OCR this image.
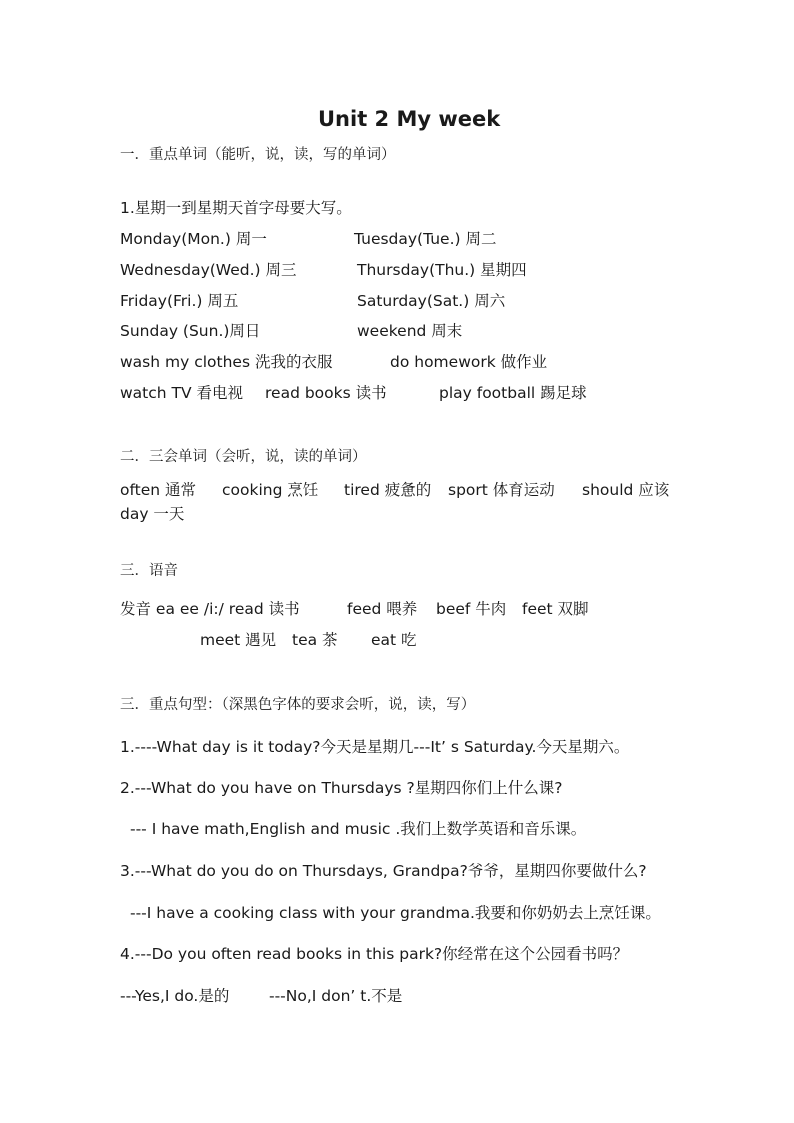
Unit 2 My week
一．重点单词（能听，说，读，写的单词）
1.星期一到星期天首字母要大写。
Monday(Mon.) 周一	Tuesday(Tue.) 周二
Wednesday(Wed.) 周三	Thursday(Thu.) 星期四
Friday(Fri.) 周五	Saturday(Sat.) 周六
Sunday (Sun.)周日	weekend 周末
wash my clothes 洗我的衣服	do homework 做作业
watch TV 看电视 read books 读书	play football 踢足球
二．三会单词（会听，说，读的单词）
often 通常 cooking 烹饪 tired 疲惫的 sport 体育运动 should 应该
day 一天
三．语音
发音 ea ee /i:/ read 读书	feed 喂养 beef 牛肉 feet 双脚
meet 遇见 tea 茶 eat 吃
三．重点句型：（深黑色字体的要求会听，说，读，写）
1.----What day is it today?今天是星期几---It’ s Saturday.今天星期六。
2.---What do you have on Thursdays ?星期四你们上什么课?
--- I have math,English and music .我们上数学英语和音乐课。
3.---What do you do on Thursdays, Grandpa?爷爷，星期四你要做什么?
---I have a cooking class with your grandma.我要和你奶奶去上烹饪课。
4.---Do you often read books in this park?你经常在这个公园看书吗？
---Yes,I do.是的	---No,I don’ t.不是
